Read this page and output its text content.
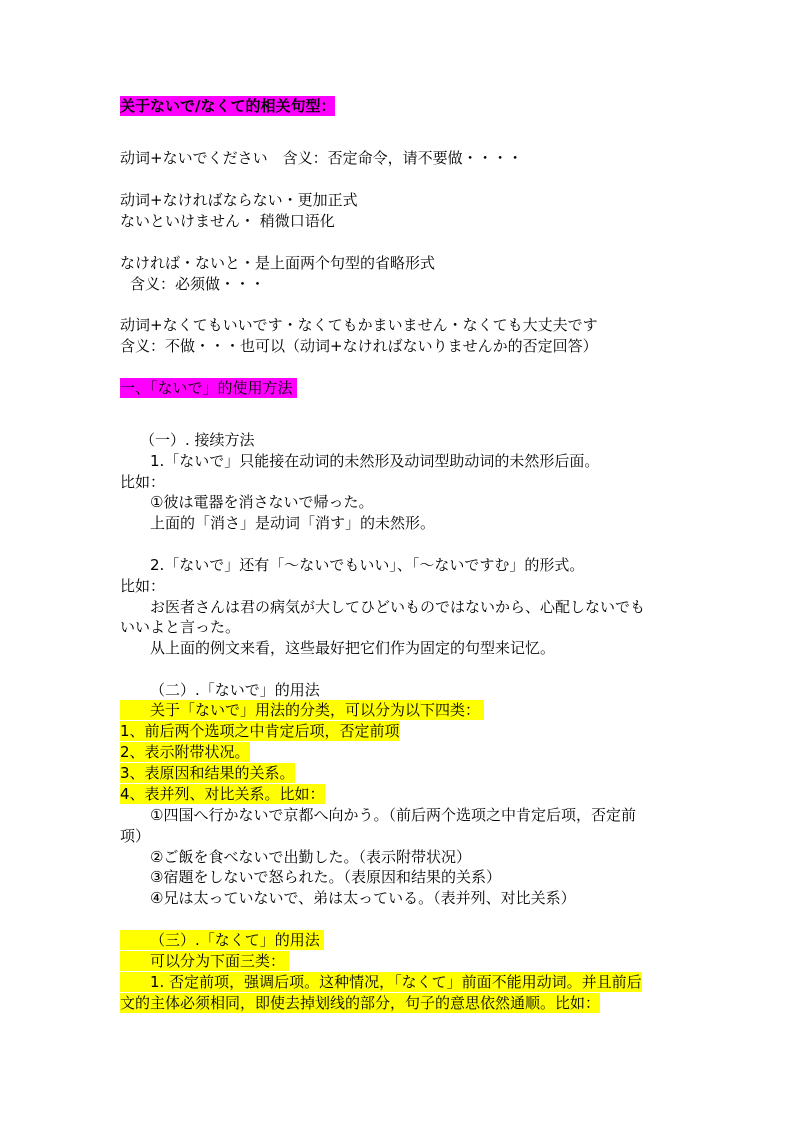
关于ないで/なくて的相关句型：
动词+ないでください　含义：否定命令，请不要做・・・・
动词+なければならない・更加正式
ないといけません・ 稍微口语化
なければ・ないと・是上面两个句型的省略形式
含义：必须做・・・
动词+なくてもいいです・なくてもかまいません・なくても大丈夫です
含义：不做・・・也可以（动词+なければないりませんか的否定回答）
一、「ないで」的使用方法
（一）. 接续方法
1.「ないで」只能接在动词的未然形及动词型助动词的未然形后面。
比如：
①彼は電器を消さないで帰った。
上面的「消さ」是动词「消す」的未然形。
2.「ないで」还有「～ないでもいい」、「～ないですむ」的形式。
比如：
お医者さんは君の病気が大してひどいものではないから、心配しないでも
いいよと言った。
从上面的例文来看，这些最好把它们作为固定的句型来记忆。
（二）.「ないで」的用法
关于「ないで」用法的分类，可以分为以下四类：
1、前后两个选项之中肯定后项，否定前项
2、表示附带状况。
3、表原因和结果的关系。
4、表并列、对比关系。比如：
①四国へ行かないで京都へ向かう。（前后两个选项之中肯定后项，否定前
项）
②ご飯を食べないで出勤した。（表示附带状况）
③宿題をしないで怒られた。（表原因和结果的关系）
④兄は太っていないで、弟は太っている。（表并列、对比关系）
（三）.「なくて」的用法
可以分为下面三类：
1. 否定前项，强调后项。这种情况，「なくて」前面不能用动词。并且前后
文的主体必须相同，即使去掉划线的部分，句子的意思依然通顺。比如：
